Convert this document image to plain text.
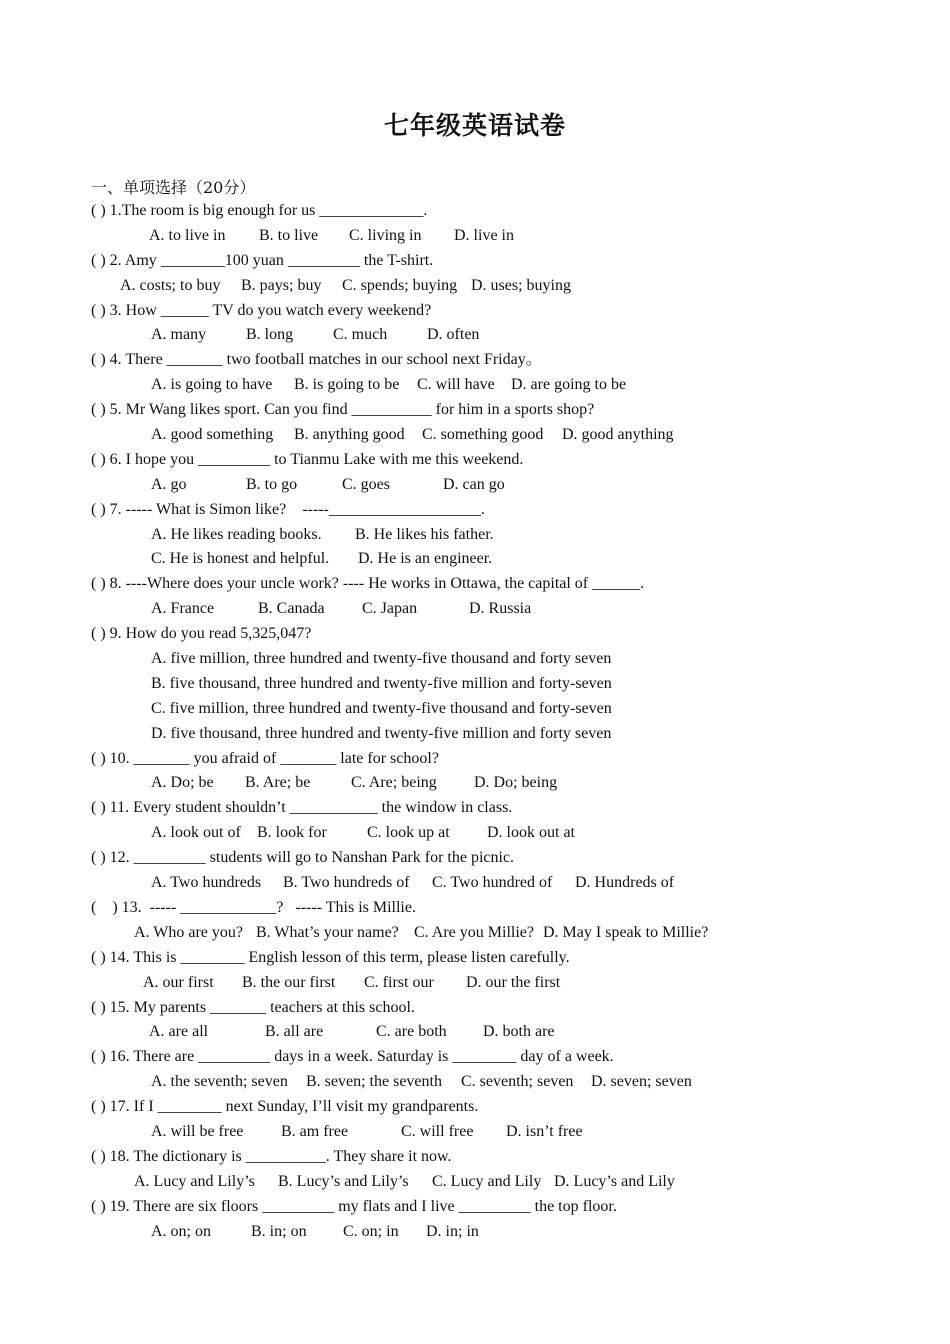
七年级英语试卷
一、单项选择（20分）
( ) 1.The room is big enough for us _____________.
A. to live in B. to live C. living in D. live in
( ) 2. Amy ________100 yuan _________ the T-shirt.
A. costs; to buy B. pays; buy C. spends; buying D. uses; buying
( ) 3. How ______ TV do you watch every weekend?
A. many B. long C. much D. often
( ) 4. There _______ two football matches in our school next Friday。
A. is going to have B. is going to be C. will have D. are going to be
( ) 5. Mr Wang likes sport. Can you find __________ for him in a sports shop?
A. good something B. anything good C. something good D. good anything
( ) 6. I hope you _________ to Tianmu Lake with me this weekend.
A. go	B. to go	C. goes	D. can go
( ) 7. ----- What is Simon like?    -----___________________.
A. He likes reading books. B. He likes his father.
C. He is honest and helpful. D. He is an engineer.
( ) 8. ----Where does your uncle work? ---- He works in Ottawa, the capital of ______.
A. France	B. Canada C. Japan	D. Russia
( ) 9. How do you read 5,325,047?
A. five million, three hundred and twenty-five thousand and forty seven
B. five thousand, three hundred and twenty-five million and forty-seven
C. five million, three hundred and twenty-five thousand and forty-seven
D. five thousand, three hundred and twenty-five million and forty seven
( ) 10. _______ you afraid of _______ late for school?
A. Do; be B. Are; be	C. Are; being D. Do; being
( ) 11. Every student shouldn’t ___________ the window in class.
A. look out of B. look for	C. look up at D. look out at
( ) 12. _________ students will go to Nanshan Park for the picnic.
A. Two hundreds B. Two hundreds of C. Two hundred of D. Hundreds of
(    ) 13.  ----- ____________?   ----- This is Millie.
A. Who are you? B. What’s your name? C. Are you Millie? D. May I speak to Millie?
( ) 14. This is ________ English lesson of this term, please listen carefully.
A. our first B. the our first C. first our D. our the first
( ) 15. My parents _______ teachers at this school.
A. are all	B. all are	C. are both D. both are
( ) 16. There are _________ days in a week. Saturday is ________ day of a week.
A. the seventh; seven B. seven; the seventh C. seventh; seven D. seven; seven
( ) 17. If I ________ next Sunday, I’ll visit my grandparents.
A. will be free B. am free	C. will free D. isn’t free
( ) 18. The dictionary is __________. They share it now.
A. Lucy and Lily’s B. Lucy’s and Lily’s C. Lucy and Lily D. Lucy’s and Lily
( ) 19. There are six floors _________ my flats and I live _________ the top floor.
A. on; on	B. in; on C. on; in D. in; in
